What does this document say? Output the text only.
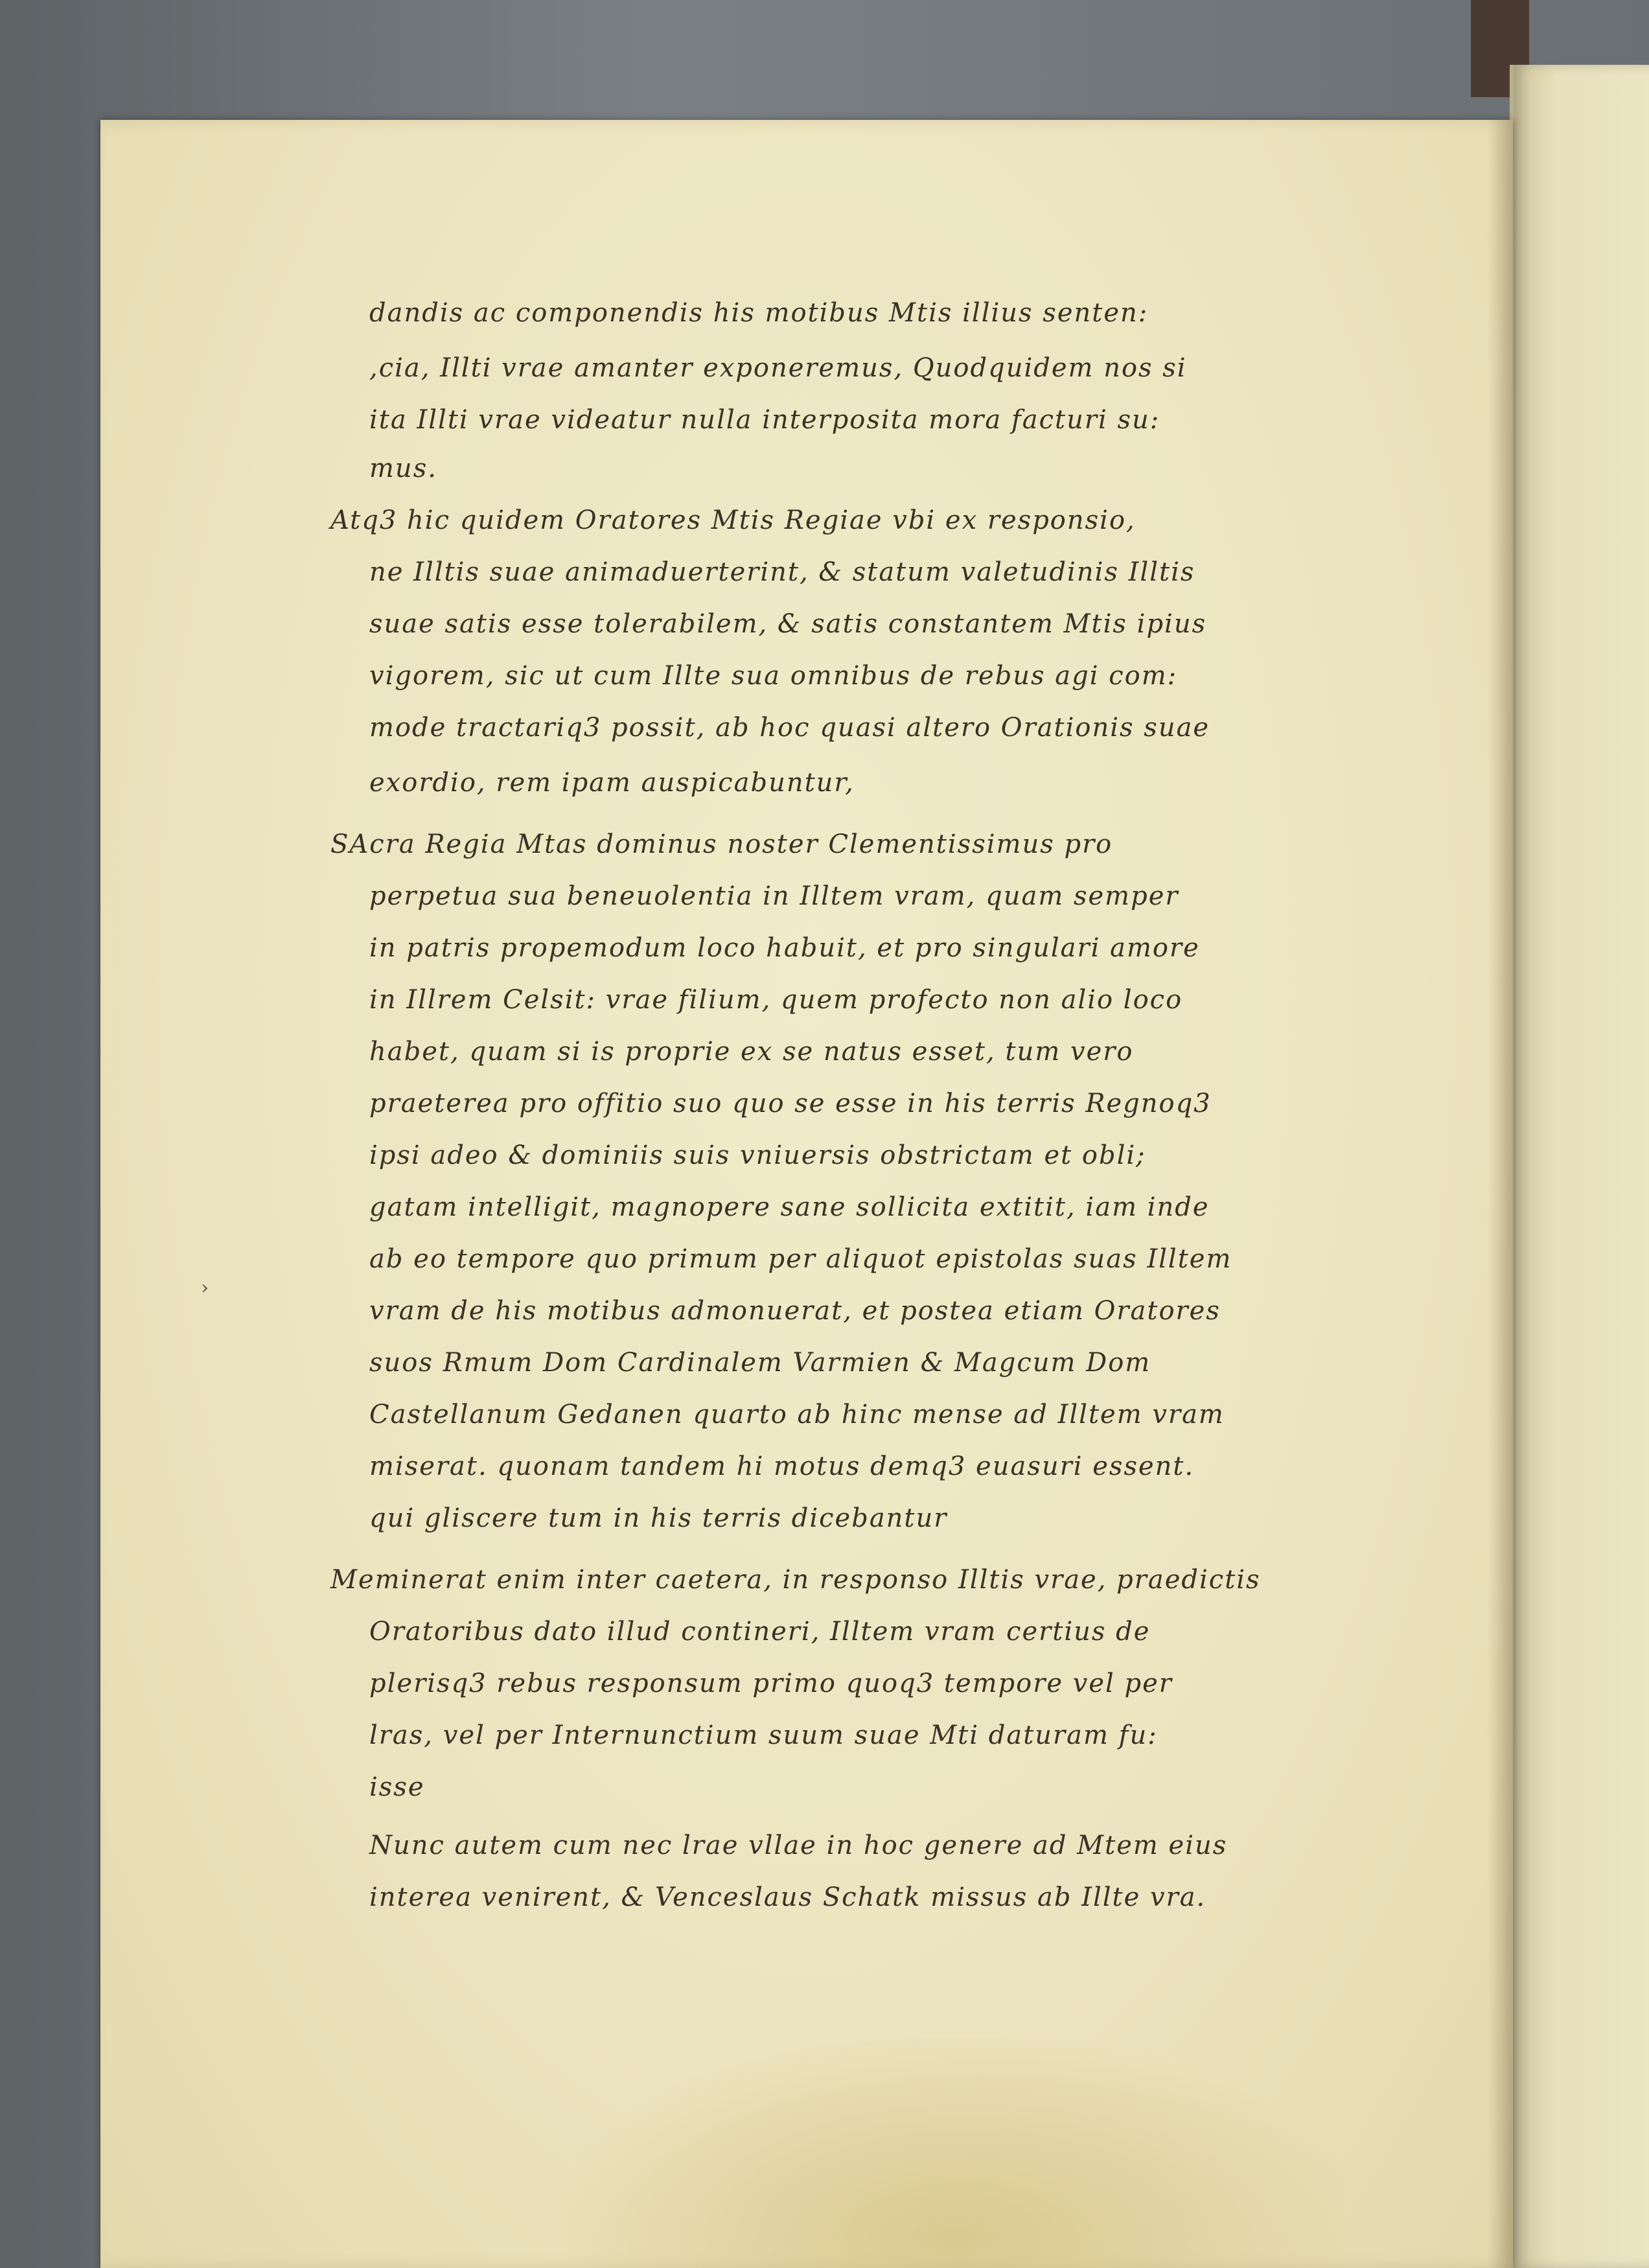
dandis ac componendis his motibus Mtis illius senten:
,cia, Illti vrae amanter exponeremus, Quodquidem nos si
ita Illti vrae videatur nulla interposita mora facturi su:
mus.
Atq3 hic quidem Oratores Mtis Regiae vbi ex responsio,
ne Illtis suae animaduerterint, & statum valetudinis Illtis
suae satis esse tolerabilem, & satis constantem Mtis ipius
vigorem, sic ut cum Illte sua omnibus de rebus agi com:
mode tractariq3 possit, ab hoc quasi altero Orationis suae
exordio, rem ipam auspicabuntur,
SAcra Regia Mtas dominus noster Clementissimus pro
perpetua sua beneuolentia in Illtem vram, quam semper
in patris propemodum loco habuit, et pro singulari amore
in Illrem Celsit: vrae filium, quem profecto non alio loco
habet, quam si is proprie ex se natus esset, tum vero
praeterea pro offitio suo quo se esse in his terris Regnoq3
ipsi adeo & dominiis suis vniuersis obstrictam et obli;
gatam intelligit, magnopere sane sollicita extitit, iam inde
ab eo tempore quo primum per aliquot epistolas suas Illtem
vram de his motibus admonuerat, et postea etiam Oratores
suos Rmum Dom Cardinalem Varmien & Magcum Dom
Castellanum Gedanen quarto ab hinc mense ad Illtem vram
miserat. quonam tandem hi motus demq3 euasuri essent.
qui gliscere tum in his terris dicebantur
Meminerat enim inter caetera, in responso Illtis vrae, praedictis
Oratoribus dato illud contineri, Illtem vram certius de
plerisq3 rebus responsum primo quoq3 tempore vel per
lras, vel per Internunctium suum suae Mti daturam fu:
isse
Nunc autem cum nec lrae vllae in hoc genere ad Mtem eius
interea venirent, & Venceslaus Schatk missus ab Illte vra.
›
